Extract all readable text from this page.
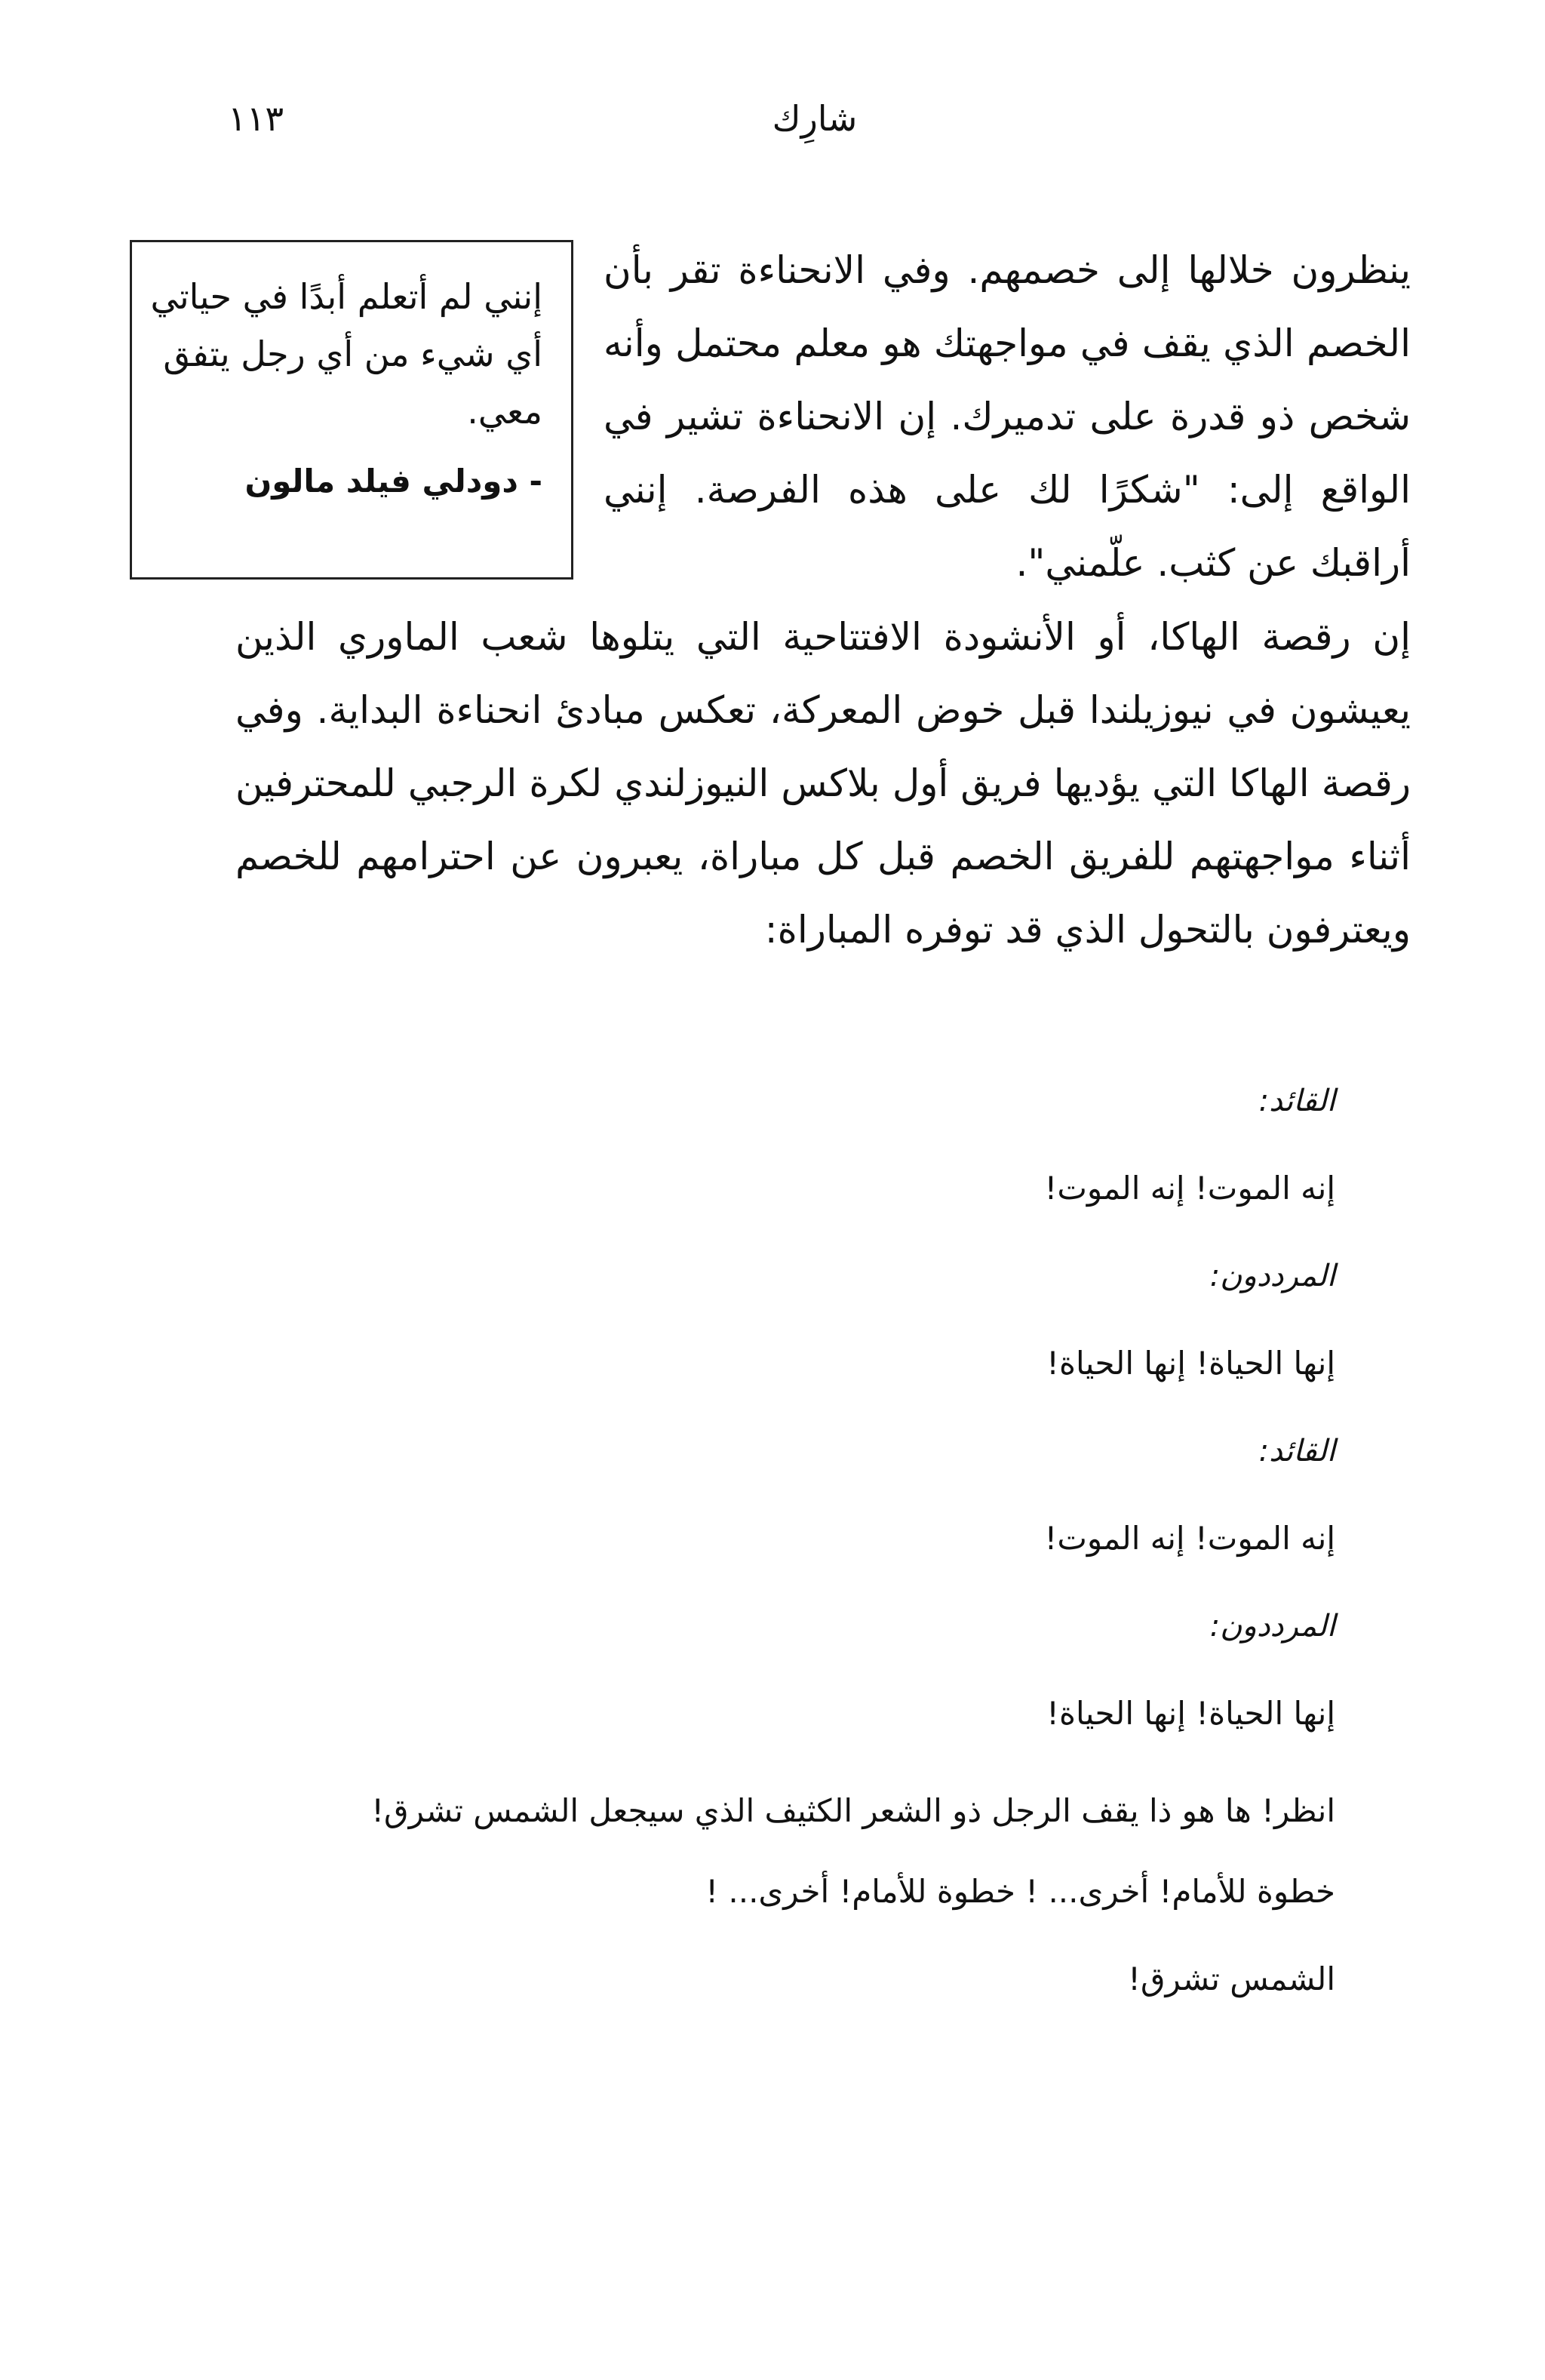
١١٣	شارِك
إنني لم أتعلم أبدًا في حياتي أي شيء من أي رجل يتفق معي.
- دودلي فيلد مالون
ينظرون خلالها إلى خصمهم. وفي الانحناءة تقر بأن الخصم الذي يقف في مواجهتك هو معلم محتمل وأنه شخص ذو قدرة على تدميرك. إن الانحناءة تشير في الواقع إلى: "شكرًا لك على هذه الفرصة. إنني أراقبك عن كثب. علّمني".
إن رقصة الهاكا، أو الأنشودة الافتتاحية التي يتلوها شعب الماوري الذين يعيشون في نيوزيلندا قبل خوض المعركة، تعكس مبادئ انحناءة البداية. وفي رقصة الهاكا التي يؤديها فريق أول بلاكس النيوزلندي لكرة الرجبي للمحترفين أثناء مواجهتهم للفريق الخصم قبل كل مباراة، يعبرون عن احترامهم للخصم ويعترفون بالتحول الذي قد توفره المباراة:
القائد:
إنه الموت! إنه الموت!
المرددون:
إنها الحياة! إنها الحياة!
القائد:
إنه الموت! إنه الموت!
المرددون:
إنها الحياة! إنها الحياة!
انظر! ها هو ذا يقف الرجل ذو الشعر الكثيف الذي سيجعل الشمس تشرق!
خطوة للأمام! أخرى... ! خطوة للأمام! أخرى... !
الشمس تشرق!
